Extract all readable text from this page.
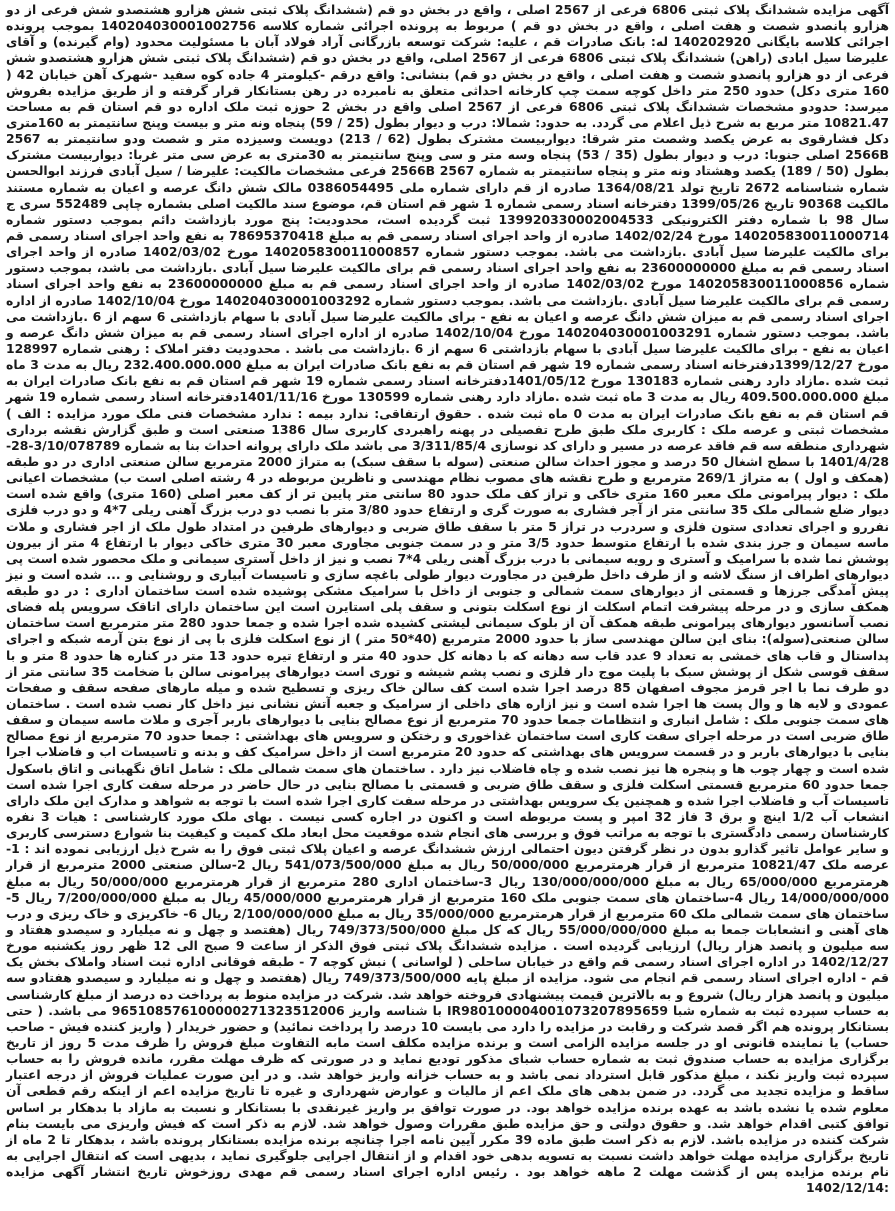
آگهی مزایده ششدانگ پلاک ثبتی 6806 فرعی از 2567 اصلی ، واقع در بخش دو قم (ششدانگ پلاک ثبتی شش هزارو هشتصدو شش فرعی از دو هزارو پانصدو شصت و هفت اصلی ، واقع در بخش دو قم ) مربوط به پرونده اجرائی شماره کلاسه 140204030001002756 بموجب پرونده اجرائی کلاسه بایگانی 140202920 له: بانک صادرات قم ، علیه: شرکت توسعه بازرگانی آراد فولاد آبان با مسئولیت محدود (وام گیرنده) و آقای علیرضا سیل ابادی (راهن) ششدانگ پلاک ثبتی 6806 فرعی از 2567 اصلی، واقع در بخش دو قم (ششدانگ پلاک ثبتی شش هزارو هشتصدو شش فرعی از دو هزارو پانصدو شصت و هفت اصلی ، واقع در بخش دو قم) بنشانی: واقع درقم -کیلومتر 4 جاده کوه سفید -شهرک آهن خیابان 42 ( 160 متری دکل) حدود 250 متر داخل کوچه سمت چپ کارخانه احداثی متعلق به نامبرده در رهن بستانکار قرار گرفته و از طریق مزایده بفروش میرسد: حدودو مشخصات ششدانگ پلاک ثبتی 6806 فرعی از 2567 اصلی واقع در بخش 2 حوزه ثبت ملک اداره دو قم استان قم به مساحت 10821.47 متر مربع به شرح ذیل اعلام می گردد. به حدود: شمالا: درب و دیوار بطول (25 / 59) پنجاه ونه متر و بیست وپنج سانتیمتر به 160متری دکل فشارقوی به عرض یکصد وشصت متر شرقا: دیواربیست مشترک بطول (62 / 213) دویست وسیزده متر و شصت ودو سانتیمتر به 2567 2566B اصلی جنوبا: درب و دیوار بطول (35 / 53) پنجاه وسه متر و سی وپنج سانتیمتر به 30متری به عرض سی متر غربا: دیواربیست مشترک بطول (50 / 189) یکصد وهشتاد ونه متر و پنجاه سانتیمتر به شماره 2567 2566B فرعی مشخصات مالکیت: علیرضا / سیل آبادی فرزند ابوالحسن شماره شناسنامه 2672 تاریخ تولد 1364/08/21 صادره از قم دارای شماره ملی 0386054495 مالک شش دانگ عرصه و اعیان به شماره مستند مالکیت 90368 تاریخ 1399/05/26 دفترخانه اسناد رسمی شماره 1 شهر قم استان قم، موضوع سند مالکیت اصلی بشماره چاپی 552489 سری ج سال 98 با شماره دفتر الکترونیکی 139920330002004533 ثبت گردیده است، محدودیت: پنج مورد بازداشت دائم بموجب دستور شماره 140205830011000714 مورخ 1402/02/24 صادره از واحد اجرای اسناد رسمی قم به مبلغ 78695370418 به نفع واحد اجرای اسناد رسمی قم برای مالکیت علیرضا سیل آبادی .بازداشت می باشد. بموجب دستور شماره 140205830011000857 مورخ 1402/03/02 صادره از واحد اجرای اسناد رسمی قم به مبلغ 23600000000 به نفع واحد اجرای اسناد رسمی قم برای مالکیت علیرضا سیل آبادی .بازداشت می باشد، بموجب دستور شماره 140205830011000856 مورخ 1402/03/02 صادره از واحد اجرای اسناد رسمی قم به مبلغ 23600000000 به نفع واحد اجرای اسناد رسمی قم برای مالکیت علیرضا سیل آبادی .بازداشت می باشد. بموجب دستور شماره 140204030001003292 مورخ 1402/10/04 صادره از اداره اجرای اسناد رسمی قم به میزان شش دانگ عرصه و اعیان به نفع - برای مالکیت علیرضا سیل آبادی با سهام بازداشتی 6 سهم از 6 .بازداشت می باشد. بموجب دستور شماره 140204030001003291 مورخ 1402/10/04 صادره از اداره اجرای اسناد رسمی قم به میزان شش دانگ عرصه و اعیان به نفع - برای مالکیت علیرضا سیل آبادی با سهام بازداشتی 6 سهم از 6 .بازداشت می باشد . محدودیت دفتر املاک : رهنی شماره 128997 مورخ 1399/12/27دفترخانه اسناد رسمی شماره 19 شهر قم استان قم به نفع بانک صادرات ایران به مبلغ 232.400.000.000 ریال به مدت 3 ماه ثبت شده .مازاد دارد رهنی شماره 130183 مورخ 1401/05/12دفترخانه اسناد رسمی شماره 19 شهر قم استان قم به نفع بانک صادرات ایران به مبلغ 409.500.000.000 ریال به مدت 3 ماه ثبت شده .مازاد دارد رهنی شماره 130599 مورخ 1401/11/16دفترخانه اسناد رسمی شماره 19 شهر قم استان قم به نفع بانک صادرات ایران به مدت 0 ماه ثبت شده . حقوق ارتفاقی: ندارد بیمه : ندارد مشخصات فنی ملک مورد مزایده : الف ) مشخصات ثبتی و عرصه ملک : کاربری ملک طبق طرح تفصیلی در پهنه راهبردی کاربری سال 1386 صنعتی است و طبق گزارش نقشه برداری شهرداری منطقه سه قم فاقد عرصه در مسیر و دارای کد نوسازی 3/311/85/4 می باشد ملک دارای پروانه احداث بنا به شماره 3/10/078789-28-1401/4/28 با سطح اشغال 50 درصد و مجوز احداث سالن صنعتی (سوله با سقف سبک) به متراژ 2000 مترمربع سالن صنعتی اداری در دو طبقه (همکف و اول ) به متراژ 269/1 مترمربع و طرح نقشه های مصوب نظام مهندسی و ناظرین مربوطه در 4 رشته اصلی است ب) مشخصات اعیانی ملک : دیوار پیرامونی ملک معبر 160 متری خاکی و تراز کف ملک حدود 80 سانتی متر پایین تر از کف معبر اصلی (160 متری) واقع شده است دیوار ضلع شمالی ملک 35 سانتی متر از آجر فشاری به صورت گری و ارتفاع حدود 3/80 متر با نصب دو درب بزرگ آهنی ریلی 7*4 و دو درب فلزی نفررو و اجرای تعدادی ستون فلزی و سردرب در تراز 5 متر با سقف طاق ضربی و دیوارهای طرفین در امتداد طول ملک از اجر فشاری و ملات ماسه سیمان و جرز بندی شده با ارتفاع متوسط حدود 3/5 متر و در سمت جنوبی مجاوری معبر 30 متری خاکی دیوار با ارتفاع 4 متر از بیرون پوشش نما شده با سرامیک و آستری و رویه سیمانی با درب بزرگ آهنی ریلی 4*7 نصب و نیز از داخل آستری سیمانی و ملک محصور شده است پی دیوارهای اطراف از سنگ لاشه و از طرف داخل طرفین در مجاورت دیوار طولی باغچه سازی و تاسیسات آبیاری و روشنایی و ... شده است و نیز پیش آمدگی جرزها و قسمتی از دیوارهای سمت شمالی و جنوبی از داخل با سرامیک مشکی پوشیده شده است ساختمان اداری : در دو طبقه همکف سازی و در مرحله پیشرفت اتمام اسکلت از نوع اسکلت بتونی و سقف پلی استایرن است این ساختمان دارای اتاقک سرویس پله فضای نصب آسانسور دیوارهای پیرامونی طبقه همکف آن از بلوک سیمانی لیشتی کشیده شده اجرا شده و جمعا حدود 280 متر مترمربع است ساختمان سالن صنعتی(سوله): بنای این سالن مهندسی ساز با حدود 2000 مترمربع (40*50 متر ) از نوع اسکلت فلزی با پی از نوع بتن آرمه شبکه و اجرای پداستال و قاب های خمشی به تعداد 9 عدد قاب سه دهانه که با دهانه کل حدود 40 متر و ارتفاع تیره حدود 13 متر در کناره ها حدود 8 متر و با سقف قوسی شکل از پوشش سبک با پلیت موج دار فلزی و نصب پشم شیشه و توری است دیوارهای پیرامونی سالن با ضخامت 35 سانتی متر از دو طرف نما با اجر قرمز مجوف اصفهان 85 درصد اجرا شده است کف سالن خاک ریزی و تسطیح شده و میله مارهای صفحه سقف و صفحات عمودی و لایه ها و وال پست ها اجرا شده است و نیز ازاره های داخلی از سرامیک و جعبه آتش نشانی نیز داخل کار نصب شده است . ساختمان های سمت جنوبی ملک : شامل انباری و انتظامات جمعا حدود 70 مترمربع از نوع مصالح بنایی با دیوارهای باربر آجری و ملات ماسه سیمان و سقف طاق ضربی است در مرحله اجرای سفت کاری است ساختمان غذاخوری و رختکن و سرویس های بهداشتی : جمعا حدود 70 مترمربع از نوع مصالح بنایی با دیوارهای باربر و در قسمت سرویس های بهداشتی که حدود 20 مترمربع است از داخل سرامیک کف و بدنه و تاسیسات اب و فاضلاب اجرا شده است و چهار چوب ها و پنجره ها نیز نصب شده و چاه فاضلاب نیز دارد . ساختمان های سمت شمالی ملک : شامل اتاق نگهبانی و اتاق باسکول جمعا حدود 60 مترمربع قسمتی اسکلت فلزی و سقف طاق ضربی و قسمتی با مصالح بنایی در حال حاضر در مرحله سفت کاری اجرا شده است تاسیسات آب و فاضلاب اجرا شده و همچنین یک سرویس بهداشتی در مرحله سفت کاری اجرا شده است با توجه به شواهد و مدارک این ملک دارای انشعاب آب 1/2 اینچ و برق 3 فاز 32 امپر و پست مربوطه است و اکنون در اجاره کسی نیست . بهای ملک مورد کارشناسی : هیات 3 نفره کارشناسان رسمی دادگستری با توجه به مراتب فوق و بررسی های انجام شده موقعیت محل ابعاد ملک کمیت و کیفیت بنا شوارع دسترسی کاربری و سایر عوامل تاثیر گذارو بدون در نظر گرفتن دیون احتمالی ارزش ششدانگ عرصه و اعیان پلاک ثبتی فوق را به شرح ذیل ارزیابی نموده اند : 1- عرصه ملک 10821/47 مترمربع از قرار هرمترمربع 50/000/000 ریال به مبلغ 541/073/500/000 ریال 2-سالن صنعتی 2000 مترمربع از قرار هرمترمربع 65/000/000 ریال به مبلغ 130/000/000/000 ریال 3-ساختمان اداری 280 مترمربع از قرار هرمترمربع 50/000/000 ریال به مبلغ 14/000/000/000 ریال 4-ساختمان های سمت جنوبی ملک 160 مترمربع از قرار هرمترمربع 45/000/000 ریال به مبلغ 7/200/000/000 ریال 5- ساختمان های سمت شمالی ملک 60 مترمربع از قرار هرمترمربع 35/000/000 ریال به مبلغ 2/100/000/000 ریال 6- خاکریزی و خاک ریزی و درب های آهنی و انشعابات جمعا به مبلغ 55/000/000/000 ریال که کل مبلغ 749/373/500/000 ریال (هفتصد و چهل و نه میلیارد و سیصدو هفتاد و سه میلیون و پانصد هزار ریال) ارزیابی گردیده است . مزایده ششدانگ پلاک ثبتی فوق الذکر از ساعت 9 صبح الی 12 ظهر روز یکشنبه مورخ 1402/12/27 در اداره اجرای اسناد رسمی قم واقع در خیابان ساحلی ( لواسانی ) نبش کوچه 7 - طبقه فوقانی اداره ثبت اسناد واملاک بخش یک قم - اداره اجرای اسناد رسمی قم انجام می شود. مزایده از مبلغ پایه 749/373/500/000 ریال (هفتصد و چهل و نه میلیارد و سیصدو هفتادو سه میلیون و پانصد هزار ریال) شروع و به بالاترین قیمت پیشنهادی فروخته خواهد شد. شرکت در مزایده منوط به پرداخت ده درصد از مبلغ کارشناسی به حساب سپرده ثبت به شماره شبا IR980100004001073207895659 با شناسه واریز 965108576100000271323512006 می باشد. ( حتی بستانکار پرونده هم اگر قصد شرکت و رقابت در مزایده را دارد می بایست 10 درصد را پرداخت نمائید) و حضور خریدار ( واریز کننده فیش - صاحب حساب) یا نماینده قانونی او در جلسه مزایده الزامی است و برنده مزایده مکلف است مابه التفاوت مبلغ فروش را ظرف مدت 5 روز از تاریخ برگزاری مزایده به حساب صندوق ثبت به شماره حساب شبای مذکور تودیع نماید و در صورتی که ظرف مهلت مقرر، مانده فروش را به حساب سپرده ثبت واریز نکند ، مبلغ مذکور قابل استرداد نمی باشد و به حساب خزانه واریز خواهد شد. و در این صورت عملیات فروش از درجه اعتبار ساقط و مزایده تجدید می گردد. در ضمن بدهی های ملک اعم از مالیات و عوارض شهرداری و غیره تا تاریخ مزایده اعم از اینکه رقم قطعی آن معلوم شده یا نشده باشد به عهده برنده مزایده خواهد بود. در صورت توافق بر واریز غیرنقدی با بستانکار و نسبت به مازاد با بدهکار بر اساس توافق کتبی اقدام خواهد شد. و حقوق دولتی و حق مزایده طبق مقررات وصول خواهد شد. لازم به ذکر است که فیش واریزی می بایست بنام شرکت کننده در مزایده باشد. لازم به ذکر است طبق ماده 39 مکرر آیین نامه اجرا چنانچه برنده مزایده بستانکار پرونده باشد ، بدهکار تا 2 ماه از تاریخ برگزاری مزایده مهلت خواهد داشت نسبت به تسویه بدهی خود اقدام و از انتقال اجرایی جلوگیری نماید ، بدیهی است که انتقال اجرایی به نام برنده مزایده پس از گذشت مهلت 2 ماهه خواهد بود . رئیس اداره اجرای اسناد رسمی قم مهدی روزخوش تاریخ انتشار آگهی مزایده :1402/12/14
